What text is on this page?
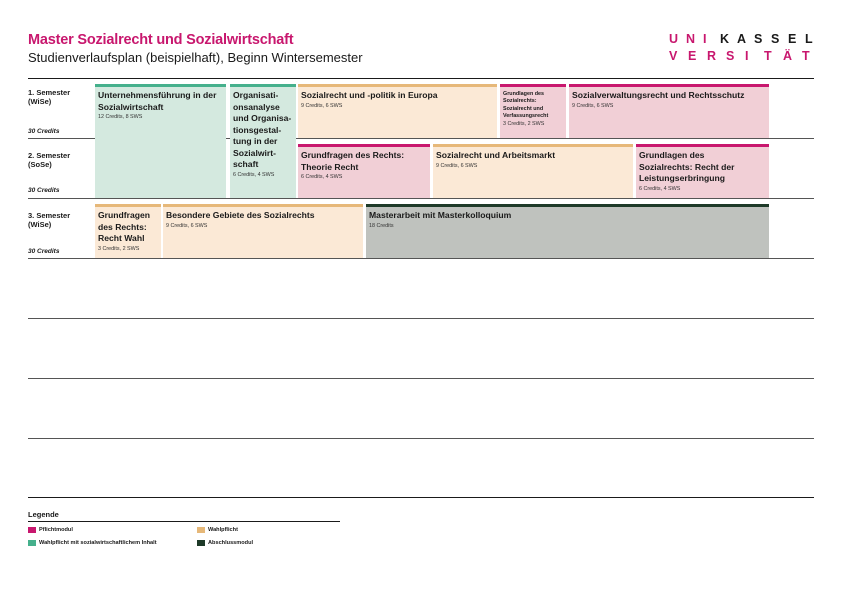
Master Sozialrecht und Sozialwirtschaft
Studienverlaufsplan (beispielhaft), Beginn Wintersemester
U N I K A S S E L
V E R S I T Ä T
1. Semester
(WiSe)
30 Credits
2. Semester
(SoSe)
30 Credits
3. Semester
(WiSe)
30 Credits
Unternehmensführung in der
Sozialwirtschaft
12 Credits, 8 SWS
Organisati-
onsanalyse
und Organisa-
tionsgestal-
tung in der
Sozialwirt-
schaft
6 Credits, 4 SWS
Sozialrecht und -politik in Europa
9 Credits, 6 SWS
Grundlagen des
Sozialrechts:
Sozialrecht und
Verfassungsrecht
3 Credits, 2 SWS
Sozialverwaltungsrecht und Rechtsschutz
9 Credits, 6 SWS
Grundfragen des Rechts:
Theorie Recht
6 Credits, 4 SWS
Sozialrecht und Arbeitsmarkt
9 Credits, 6 SWS
Grundlagen des
Sozialrechts: Recht der
Leistungserbringung
6 Credits, 4 SWS
Grundfragen
des Rechts:
Recht Wahl
3 Credits, 2 SWS
Besondere Gebiete des Sozialrechts
9 Credits, 6 SWS
Masterarbeit mit Masterkolloquium
18 Credits
Legende
Pflichtmodul
Wahlpflicht mit sozialwirtschaftlichem Inhalt
Wahlpflicht
Abschlussmodul
